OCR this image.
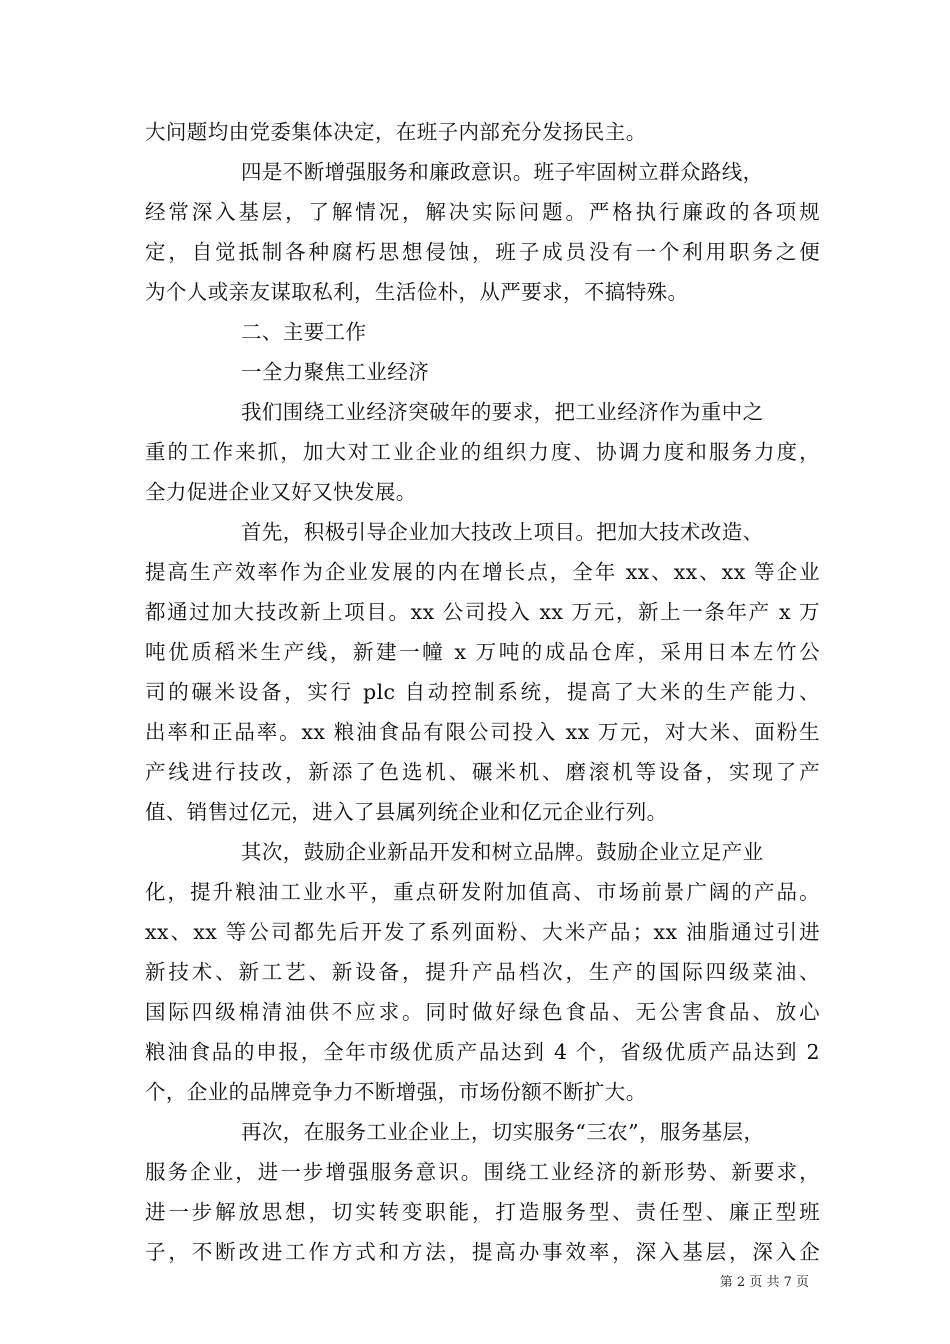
大问题均由党委集体决定，在班子内部充分发扬民主。
四是不断增强服务和廉政意识。班子牢固树立群众路线，
经常深入基层，了解情况，解决实际问题。严格执行廉政的各项规
定，自觉抵制各种腐朽思想侵蚀，班子成员没有一个利用职务之便
为个人或亲友谋取私利，生活俭朴，从严要求，不搞特殊。
二、主要工作
一全力聚焦工业经济
我们围绕工业经济突破年的要求，把工业经济作为重中之
重的工作来抓，加大对工业企业的组织力度、协调力度和服务力度，
全力促进企业又好又快发展。
首先，积极引导企业加大技改上项目。把加大技术改造、
提高生产效率作为企业发展的内在增长点，全年 xx、xx、xx 等企业
都通过加大技改新上项目。xx 公司投入 xx 万元，新上一条年产 x 万
吨优质稻米生产线，新建一幢 x 万吨的成品仓库，采用日本左竹公
司的碾米设备，实行 plc 自动控制系统，提高了大米的生产能力、
出率和正品率。xx 粮油食品有限公司投入 xx 万元，对大米、面粉生
产线进行技改，新添了色选机、碾米机、磨滚机等设备，实现了产
值、销售过亿元，进入了县属列统企业和亿元企业行列。
其次，鼓励企业新品开发和树立品牌。鼓励企业立足产业
化，提升粮油工业水平，重点研发附加值高、市场前景广阔的产品。
xx、xx 等公司都先后开发了系列面粉、大米产品；xx 油脂通过引进
新技术、新工艺、新设备，提升产品档次，生产的国际四级菜油、
国际四级棉清油供不应求。同时做好绿色食品、无公害食品、放心
粮油食品的申报，全年市级优质产品达到 4 个，省级优质产品达到 2
个，企业的品牌竞争力不断增强，市场份额不断扩大。
再次，在服务工业企业上，切实服务“三农”，服务基层，
服务企业，进一步增强服务意识。围绕工业经济的新形势、新要求，
进一步解放思想，切实转变职能，打造服务型、责任型、廉正型班
子，不断改进工作方式和方法，提高办事效率，深入基层，深入企
第 2 页 共 7 页
